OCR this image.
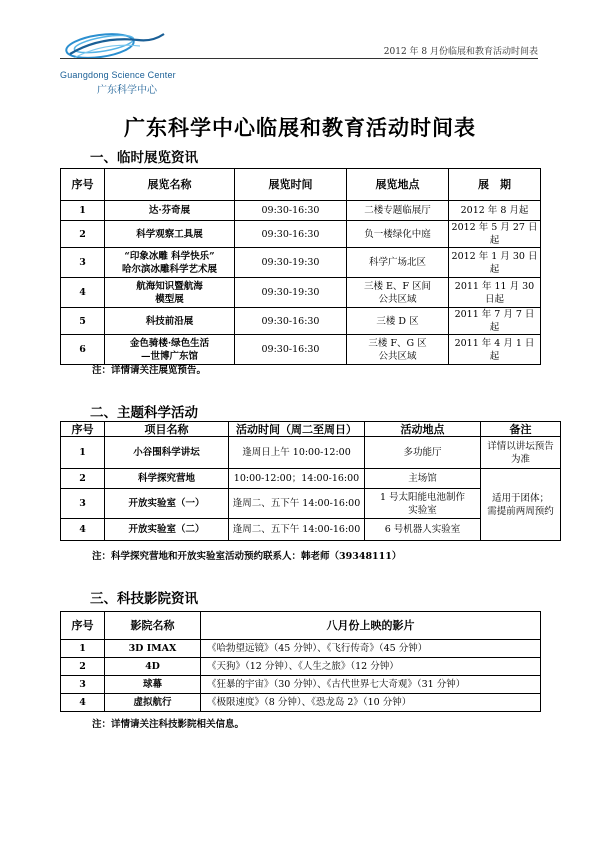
Guangdong Science Center
广东科学中心
2012 年 8 月份临展和教育活动时间表
广东科学中心临展和教育活动时间表
一、临时展览资讯
序号	展览名称	展览时间	展览地点	展　期
1	达·芬奇展	09:30-16:30	二楼专题临展厅	2012 年 8 月起
2	科学观察工具展	09:30-16:30	负一楼绿化中庭	2012 年 5 月 27 日起
3	“印象冰雕 科学快乐”
哈尔滨冰雕科学艺术展	09:30-19:30	科学广场北区	2012 年 1 月 30 日起
4	航海知识暨航海
模型展	09:30-19:30	三楼 E、F 区间
公共区域	2011 年 11 月 30 日起
5	科技前沿展	09:30-16:30	三楼 D 区	2011 年 7 月 7 日起
6	金色骑楼·绿色生活
—世博广东馆	09:30-16:30	三楼 F、G 区
公共区域	2011 年 4 月 1 日起
注：详情请关注展览预告。
二、主题科学活动
序号	项目名称	活动时间（周二至周日）	活动地点	备注
1	小谷围科学讲坛	逢周日上午 10:00-12:00	多功能厅	详情以讲坛预告
为准
2	科学探究营地	10:00-12:00；14:00-16:00	主场馆	适用于团体；
需提前两周预约
3	开放实验室（一）	逢周二、五下午 14:00-16:00	1 号太阳能电池制作
实验室	
4	开放实验室（二）	逢周二、五下午 14:00-16:00	6 号机器人实验室	
注：科学探究营地和开放实验室活动预约联系人：韩老师（39348111）
三、科技影院资讯
序号	影院名称	八月份上映的影片
1	3D IMAX	《哈勃望远镜》（45 分钟）、《飞行传奇》（45 分钟）
2	4D	《天狗》（12 分钟）、《人生之旅》（12 分钟）
3	球幕	《狂暴的宇宙》（30 分钟）、《古代世界七大奇观》（31 分钟）
4	虚拟航行	《极限速度》（8 分钟）、《恐龙岛 2》（10 分钟）
注：详情请关注科技影院相关信息。
